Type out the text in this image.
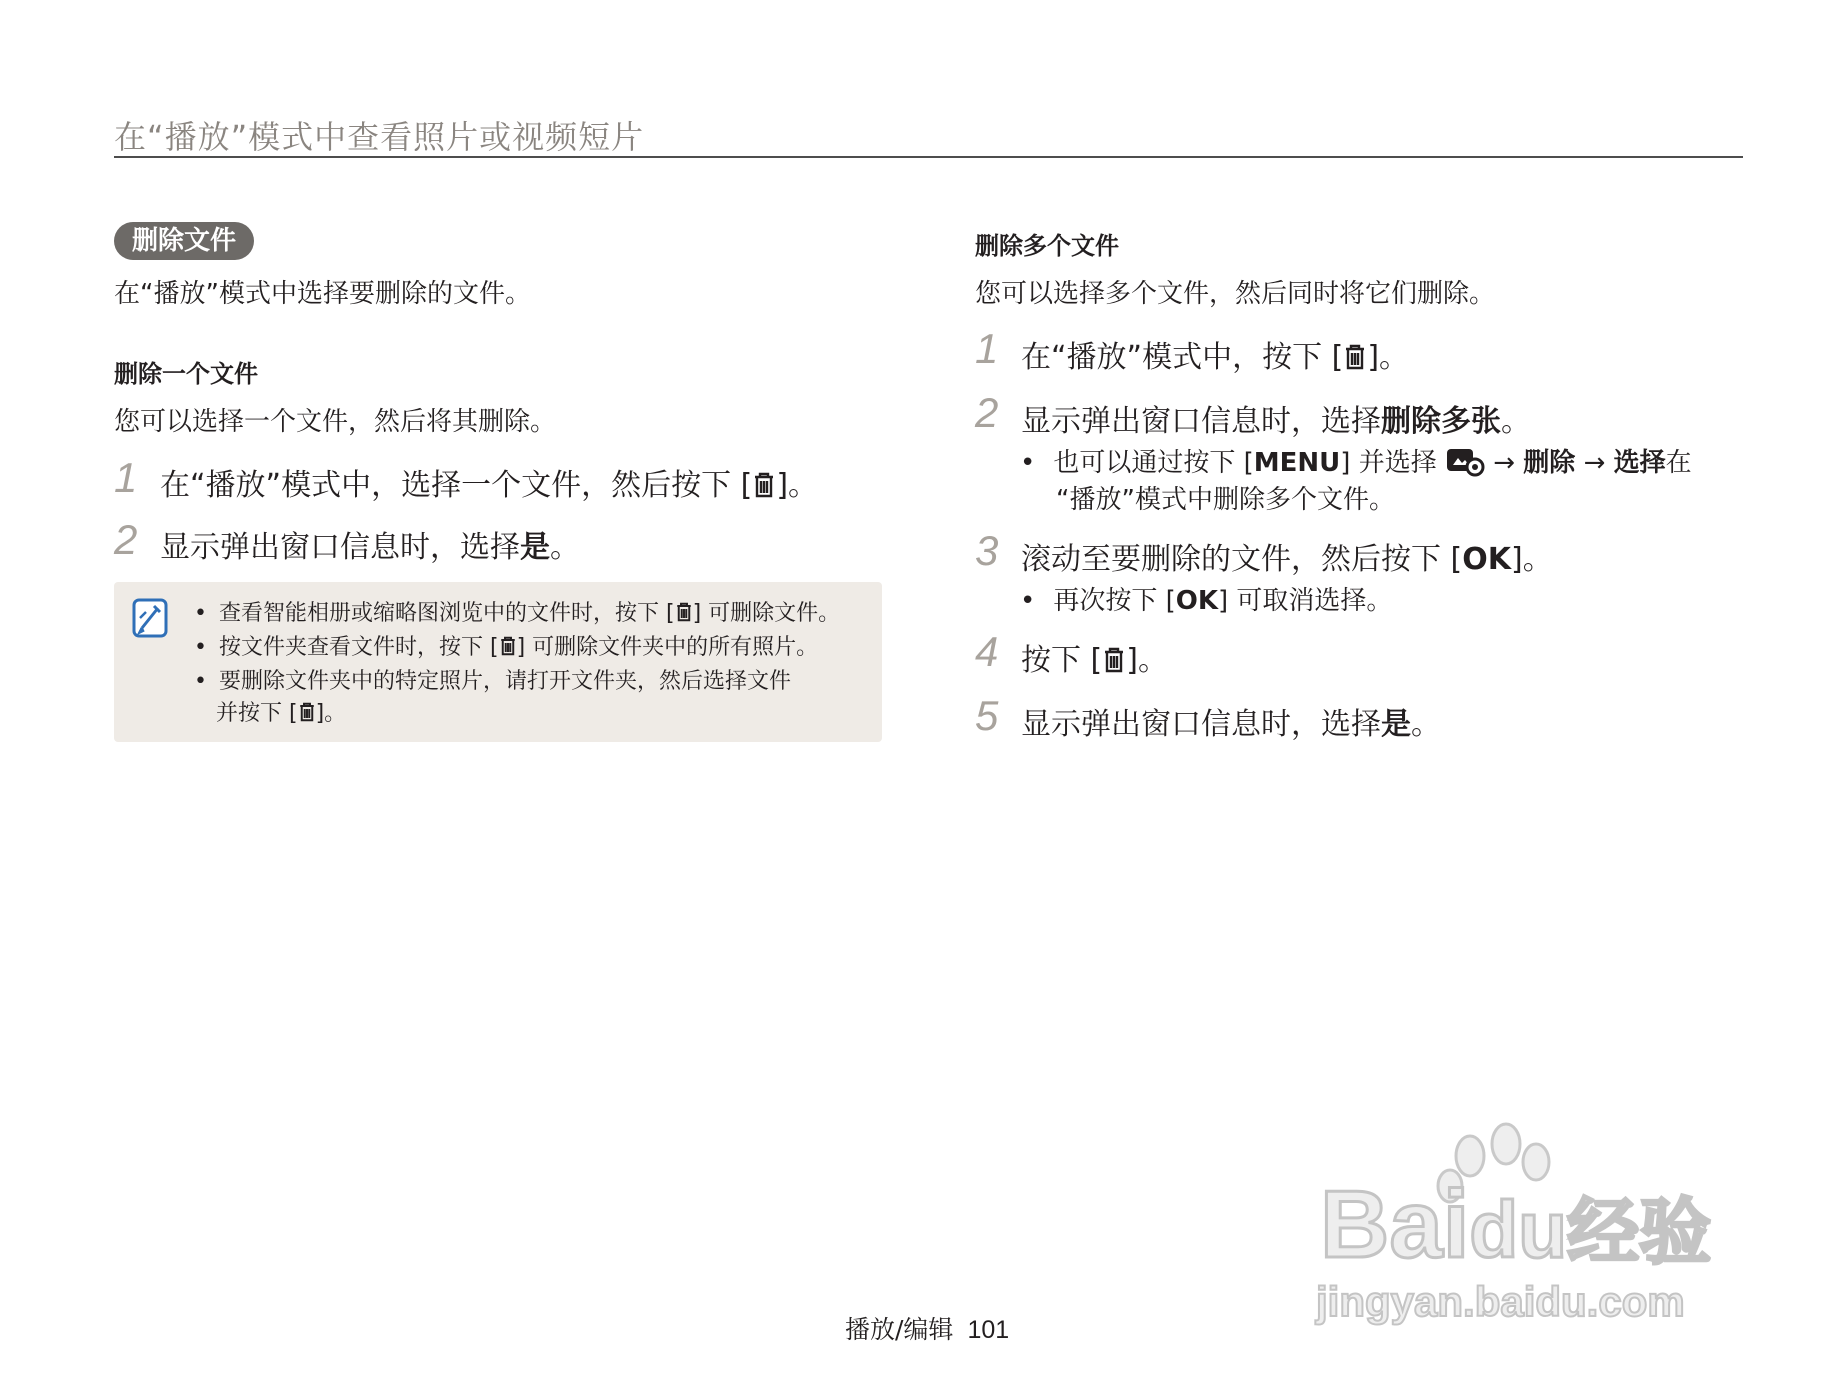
在“播放”模式中查看照片或视频短片
删除文件
在“播放”模式中选择要删除的文件。
删除一个文件
您可以选择一个文件，然后将其删除。
1 在“播放”模式中，选择一个文件，然后按下 [ ]。
2 显示弹出窗口信息时，选择是。
• 查看智能相册或缩略图浏览中的文件时，按下 [ ] 可删除文件。
• 按文件夹查看文件时，按下 [ ] 可删除文件夹中的所有照片。
• 要删除文件夹中的特定照片，请打开文件夹，然后选择文件
并按下 [ ]。
删除多个文件
您可以选择多个文件，然后同时将它们删除。
1 在“播放”模式中，按下 [ ]。
2 显示弹出窗口信息时，选择删除多张。
• 也可以通过按下 [MENU] 并选择  → 删除 → 选择在
“播放”模式中删除多个文件。
3 滚动至要删除的文件，然后按下 [OK]。
• 再次按下 [OK] 可取消选择。
4 按下 [ ]。
5 显示弹出窗口信息时，选择是。
播放/编辑 101
Baidu经验
jingyan.baidu.com
